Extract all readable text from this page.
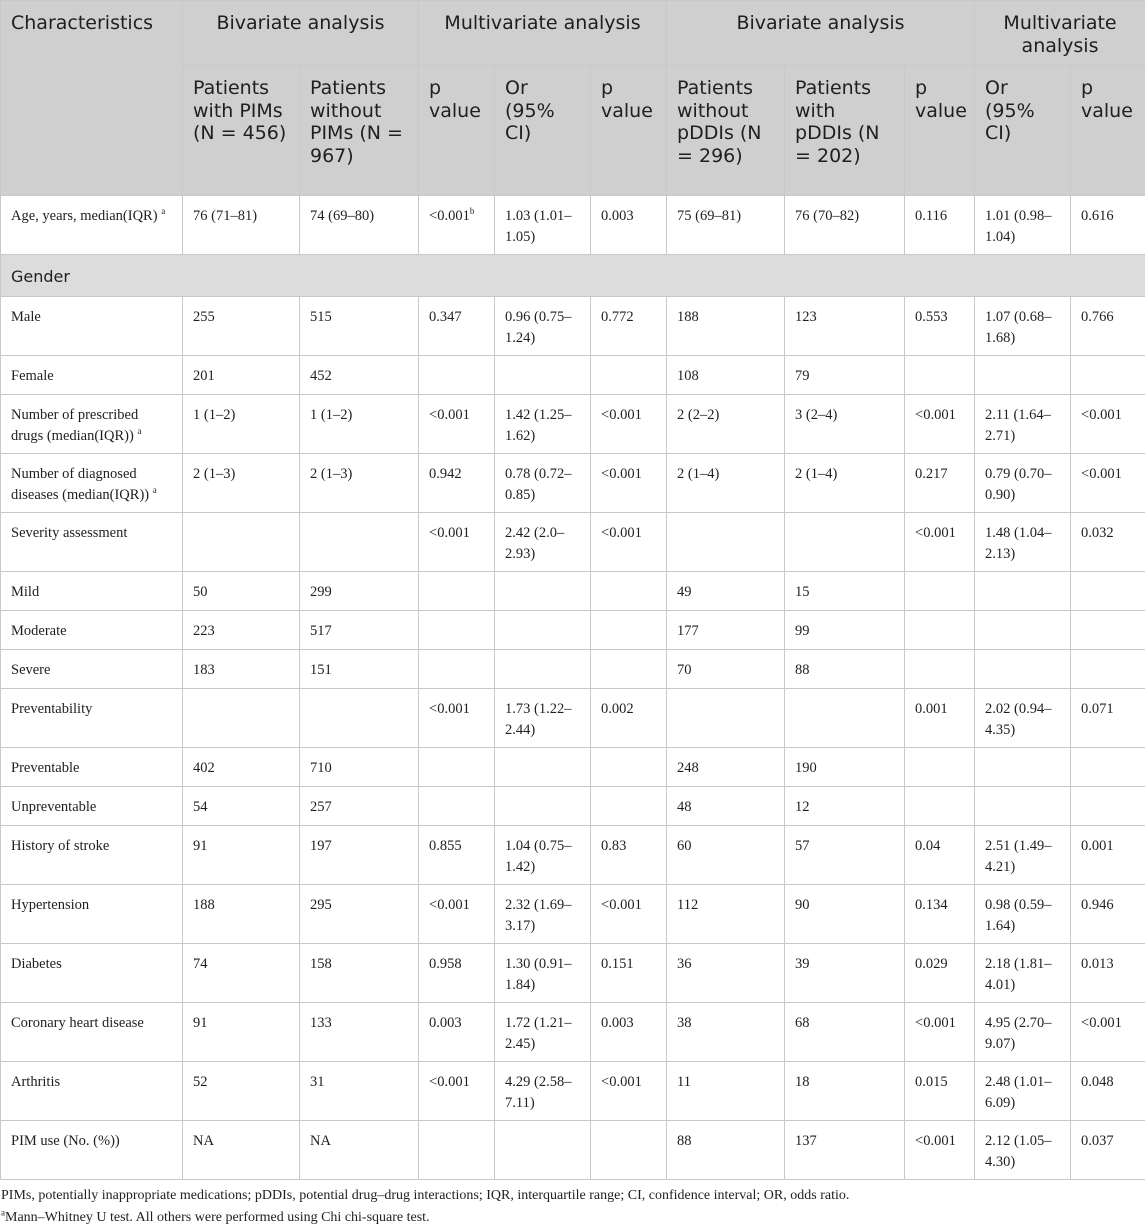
Characteristics	Bivariate analysis		Multivariate analysis			Bivariate analysis			Multivariate analysis	
	Patients with PIMs (N = 456)	Patients without PIMs (N = 967)	p value	Or (95% CI)	p value	Patients without pDDIs (N = 296)	Patients with pDDIs (N = 202)	p value	Or (95% CI)	p value
Age, years, median(IQR) $^a$	76 (71–81)	74 (69–80)	<0.001$^b$	1.03 (1.01–1.05)	0.003	75 (69–81)	76 (70–82)	0.116	1.01 (0.98–1.04)	0.616
Gender										
Male	255	515	0.347	0.96 (0.75–1.24)	0.772	188	123	0.553	1.07 (0.68–1.68)	0.766
Female	201	452				108	79			
Number of prescribed drugs (median(IQR)) $^a$	1 (1–2)	1 (1–2)	<0.001	1.42 (1.25–1.62)	<0.001	2 (2–2)	3 (2–4)	<0.001	2.11 (1.64–2.71)	<0.001
Number of diagnosed diseases (median(IQR)) $^a$	2 (1–3)	2 (1–3)	0.942	0.78 (0.72–0.85)	<0.001	2 (1–4)	2 (1–4)	0.217	0.79 (0.70–0.90)	<0.001
Severity assessment			<0.001	2.42 (2.0–2.93)	<0.001			<0.001	1.48 (1.04–2.13)	0.032
Mild	50	299				49	15			
Moderate	223	517				177	99			
Severe	183	151				70	88			
Preventability			<0.001	1.73 (1.22–2.44)	0.002			0.001	2.02 (0.94–4.35)	0.071
Preventable	402	710				248	190			
Unpreventable	54	257				48	12			
History of stroke	91	197	0.855	1.04 (0.75–1.42)	0.83	60	57	0.04	2.51 (1.49–4.21)	0.001
Hypertension	188	295	<0.001	2.32 (1.69–3.17)	<0.001	112	90	0.134	0.98 (0.59–1.64)	0.946
Diabetes	74	158	0.958	1.30 (0.91–1.84)	0.151	36	39	0.029	2.18 (1.81–4.01)	0.013
Coronary heart disease	91	133	0.003	1.72 (1.21–2.45)	0.003	38	68	<0.001	4.95 (2.70–9.07)	<0.001
Arthritis	52	31	<0.001	4.29 (2.58–7.11)	<0.001	11	18	0.015	2.48 (1.01–6.09)	0.048
PIM use (No. (%))	NA	NA				88	137	<0.001	2.12 (1.05–4.30)	0.037

PIMs, potentially inappropriate medications; pDDIs, potential drug–drug interactions; IQR, interquartile range; CI, confidence interval; OR, odds ratio.

$^a$Mann–Whitney U test. All others were performed using Chi chi-square test.
